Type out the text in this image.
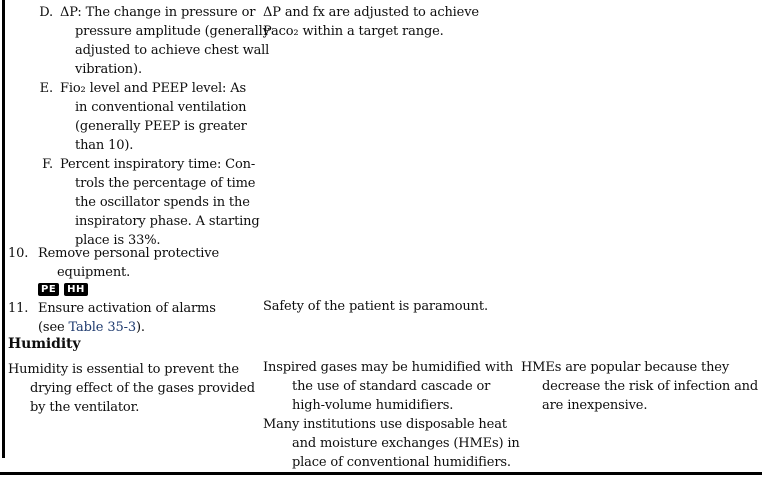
D. ΔP: The change in pressure or
pressure amplitude (generally
adjusted to achieve chest wall
vibration).
E. Fio₂ level and PEEP level: As
in conventional ventilation
(generally PEEP is greater
than 10).
F. Percent inspiratory time: Con-
trols the percentage of time
the oscillator spends in the
inspiratory phase. A starting
place is 33%.
10. Remove personal protective
equipment.
PE HH
11. Ensure activation of alarms
(see Table 35-3).
Humidity
Humidity is essential to prevent the
drying effect of the gases provided
by the ventilator.
ΔP and fx are adjusted to achieve
Paco₂ within a target range.
Safety of the patient is paramount.
Inspired gases may be humidified with
the use of standard cascade or
high-volume humidifiers.
Many institutions use disposable heat
and moisture exchanges (HMEs) in
place of conventional humidifiers.
HMEs are popular because they
decrease the risk of infection and
are inexpensive.
